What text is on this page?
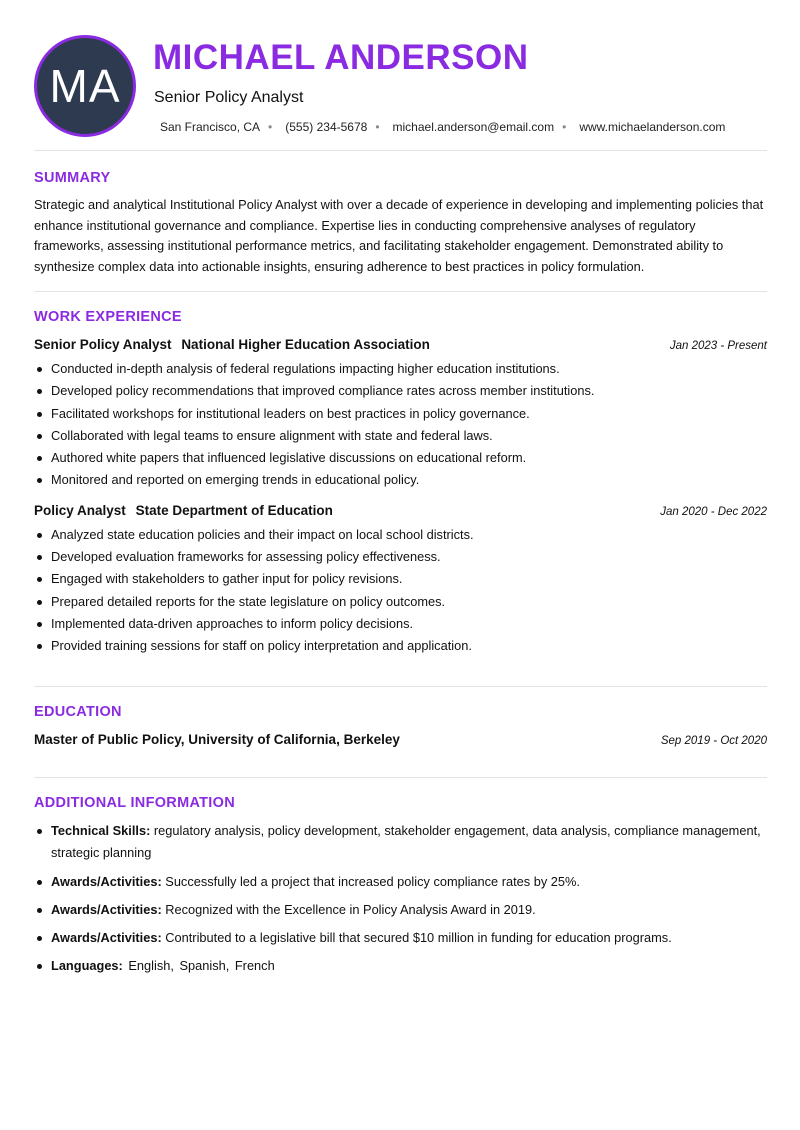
MA
MICHAEL ANDERSON
Senior Policy Analyst
San Francisco, CA • (555) 234-5678 • michael.anderson@email.com • www.michaelanderson.com
SUMMARY
Strategic and analytical Institutional Policy Analyst with over a decade of experience in developing and implementing policies that enhance institutional governance and compliance. Expertise lies in conducting comprehensive analyses of regulatory frameworks, assessing institutional performance metrics, and facilitating stakeholder engagement. Demonstrated ability to synthesize complex data into actionable insights, ensuring adherence to best practices in policy formulation.
WORK EXPERIENCE
Senior Policy Analyst National Higher Education Association	Jan 2023 - Present
Conducted in-depth analysis of federal regulations impacting higher education institutions.
Developed policy recommendations that improved compliance rates across member institutions.
Facilitated workshops for institutional leaders on best practices in policy governance.
Collaborated with legal teams to ensure alignment with state and federal laws.
Authored white papers that influenced legislative discussions on educational reform.
Monitored and reported on emerging trends in educational policy.
Policy Analyst State Department of Education	Jan 2020 - Dec 2022
Analyzed state education policies and their impact on local school districts.
Developed evaluation frameworks for assessing policy effectiveness.
Engaged with stakeholders to gather input for policy revisions.
Prepared detailed reports for the state legislature on policy outcomes.
Implemented data-driven approaches to inform policy decisions.
Provided training sessions for staff on policy interpretation and application.
EDUCATION
Master of Public Policy, University of California, Berkeley	Sep 2019 - Oct 2020
ADDITIONAL INFORMATION
Technical Skills: regulatory analysis, policy development, stakeholder engagement, data analysis, compliance management, strategic planning
Awards/Activities: Successfully led a project that increased policy compliance rates by 25%.
Awards/Activities: Recognized with the Excellence in Policy Analysis Award in 2019.
Awards/Activities: Contributed to a legislative bill that secured $10 million in funding for education programs.
Languages: English, Spanish, French
